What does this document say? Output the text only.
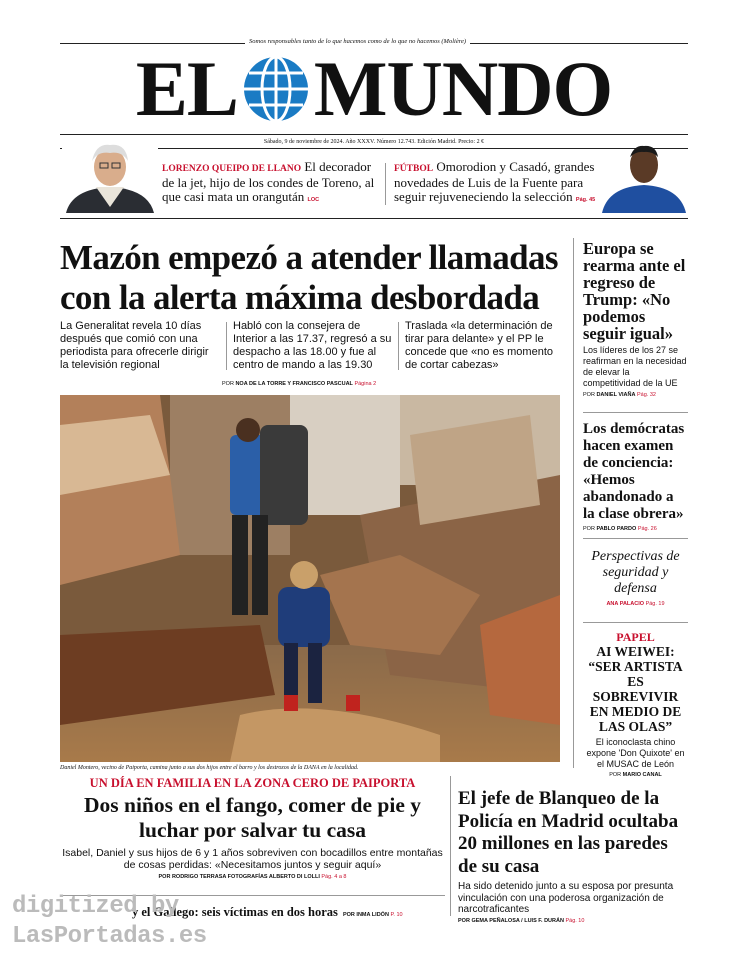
Somos responsables tanto de lo que hacemos como de lo que no hacemos (Molière)
EL MUNDO
Sábado, 9 de noviembre de 2024. Año XXXV. Número 12.743. Edición Madrid. Precio: 2 €
LORENZO QUEIPO DE LLANO El decorador de la jet, hijo de los condes de Toreno, al que casi mata un orangután LOC
FÚTBOL Omorodion y Casadó, grandes novedades de Luis de la Fuente para seguir rejuveneciendo la selección Pág. 45
Mazón empezó a atender llamadas
con la alerta máxima desbordada
La Generalitat revela 10 días después que comió con una periodista para ofrecerle dirigir la televisión regional
Habló con la consejera de Interior a las 17.37, regresó a su despacho a las 18.00 y fue al centro de mando a las 19.30
Traslada «la determinación de tirar para delante» y el PP le concede que «no es momento de cortar cabezas»
POR NOA DE LA TORRE Y FRANCISCO PASCUAL Página 2
Daniel Montero, vecino de Paiporta, camina junto a sus dos hijos entre el barro y los destrozos de la DANA en la localidad.
Europa se rearma ante el regreso de Trump: «No podemos seguir igual»
Los líderes de los 27 se reafirman en la necesidad de elevar la competitividad de la UE
POR DANIEL VIAÑA Pág. 32
Los demócratas hacen examen de conciencia: «Hemos abandonado a la clase obrera»
POR PABLO PARDO Pág. 26
Perspectivas de seguridad y defensa
ANA PALACIO Pág. 19
PAPEL
AI WEIWEI: “SER ARTISTA ES SOBREVIVIR EN MEDIO DE LAS OLAS”
El iconoclasta chino expone 'Don Quixote' en el MUSAC de León
POR MARIO CANAL
UN DÍA EN FAMILIA EN LA ZONA CERO DE PAIPORTA
Dos niños en el fango, comer de pie y luchar por salvar tu casa
Isabel, Daniel y sus hijos de 6 y 1 años sobreviven con bocadillos entre montañas de cosas perdidas: «Necesitamos juntos y seguir aquí»
POR RODRIGO TERRASA FOTOGRAFÍAS ALBERTO DI LOLLI Pág. 4 a 8
y el Gallego: seis víctimas en dos horas POR INMA LIDÓN P. 10
El jefe de Blanqueo de la Policía en Madrid ocultaba 20 millones en las paredes de su casa
Ha sido detenido junto a su esposa por presunta vinculación con una poderosa organización de narcotraficantes
POR GEMA PEÑALOSA / LUIS F. DURÁN Pág. 10
digitized by
LasPortadas.es
